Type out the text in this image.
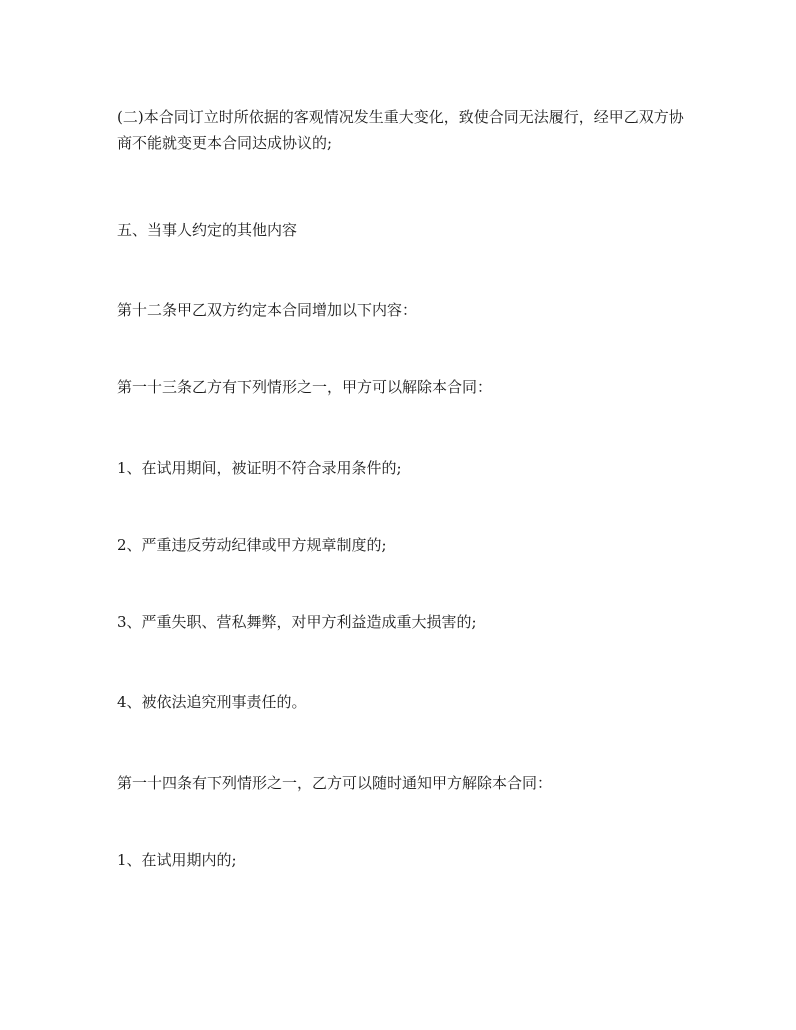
(二)本合同订立时所依据的客观情况发生重大变化，致使合同无法履行，经甲乙双方协商不能就变更本合同达成协议的;

五、当事人约定的其他内容

第十二条甲乙双方约定本合同增加以下内容：

第一十三条乙方有下列情形之一，甲方可以解除本合同：

1、在试用期间，被证明不符合录用条件的;

2、严重违反劳动纪律或甲方规章制度的;

3、严重失职、营私舞弊，对甲方利益造成重大损害的;

4、被依法追究刑事责任的。

第一十四条有下列情形之一，乙方可以随时通知甲方解除本合同：

1、在试用期内的;
